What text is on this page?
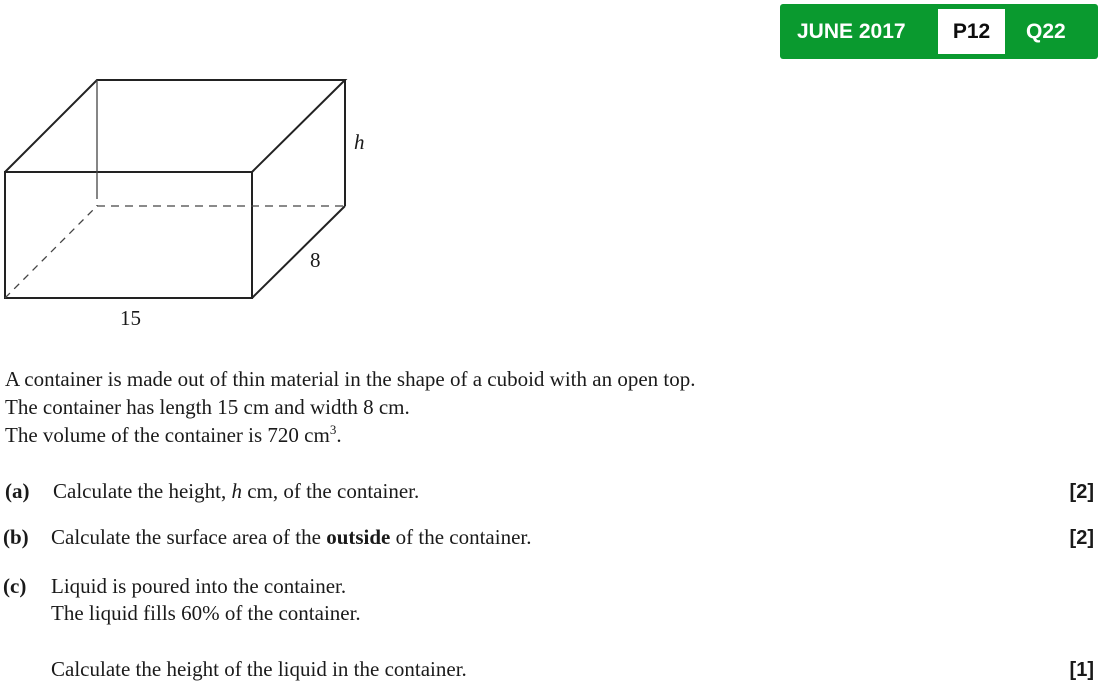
JUNE 2017	P12	Q22
h
8
15
A container is made out of thin material in the shape of a cuboid with an open top.
The container has length 15 cm and width 8 cm.
The volume of the container is 720 $cm^3$.
(a) Calculate the height, h cm, of the container.	[2]
(b) Calculate the surface area of the outside of the container.	[2]
(c) Liquid is poured into the container.
The liquid fills 60% of the container.
Calculate the height of the liquid in the container.	[1]
